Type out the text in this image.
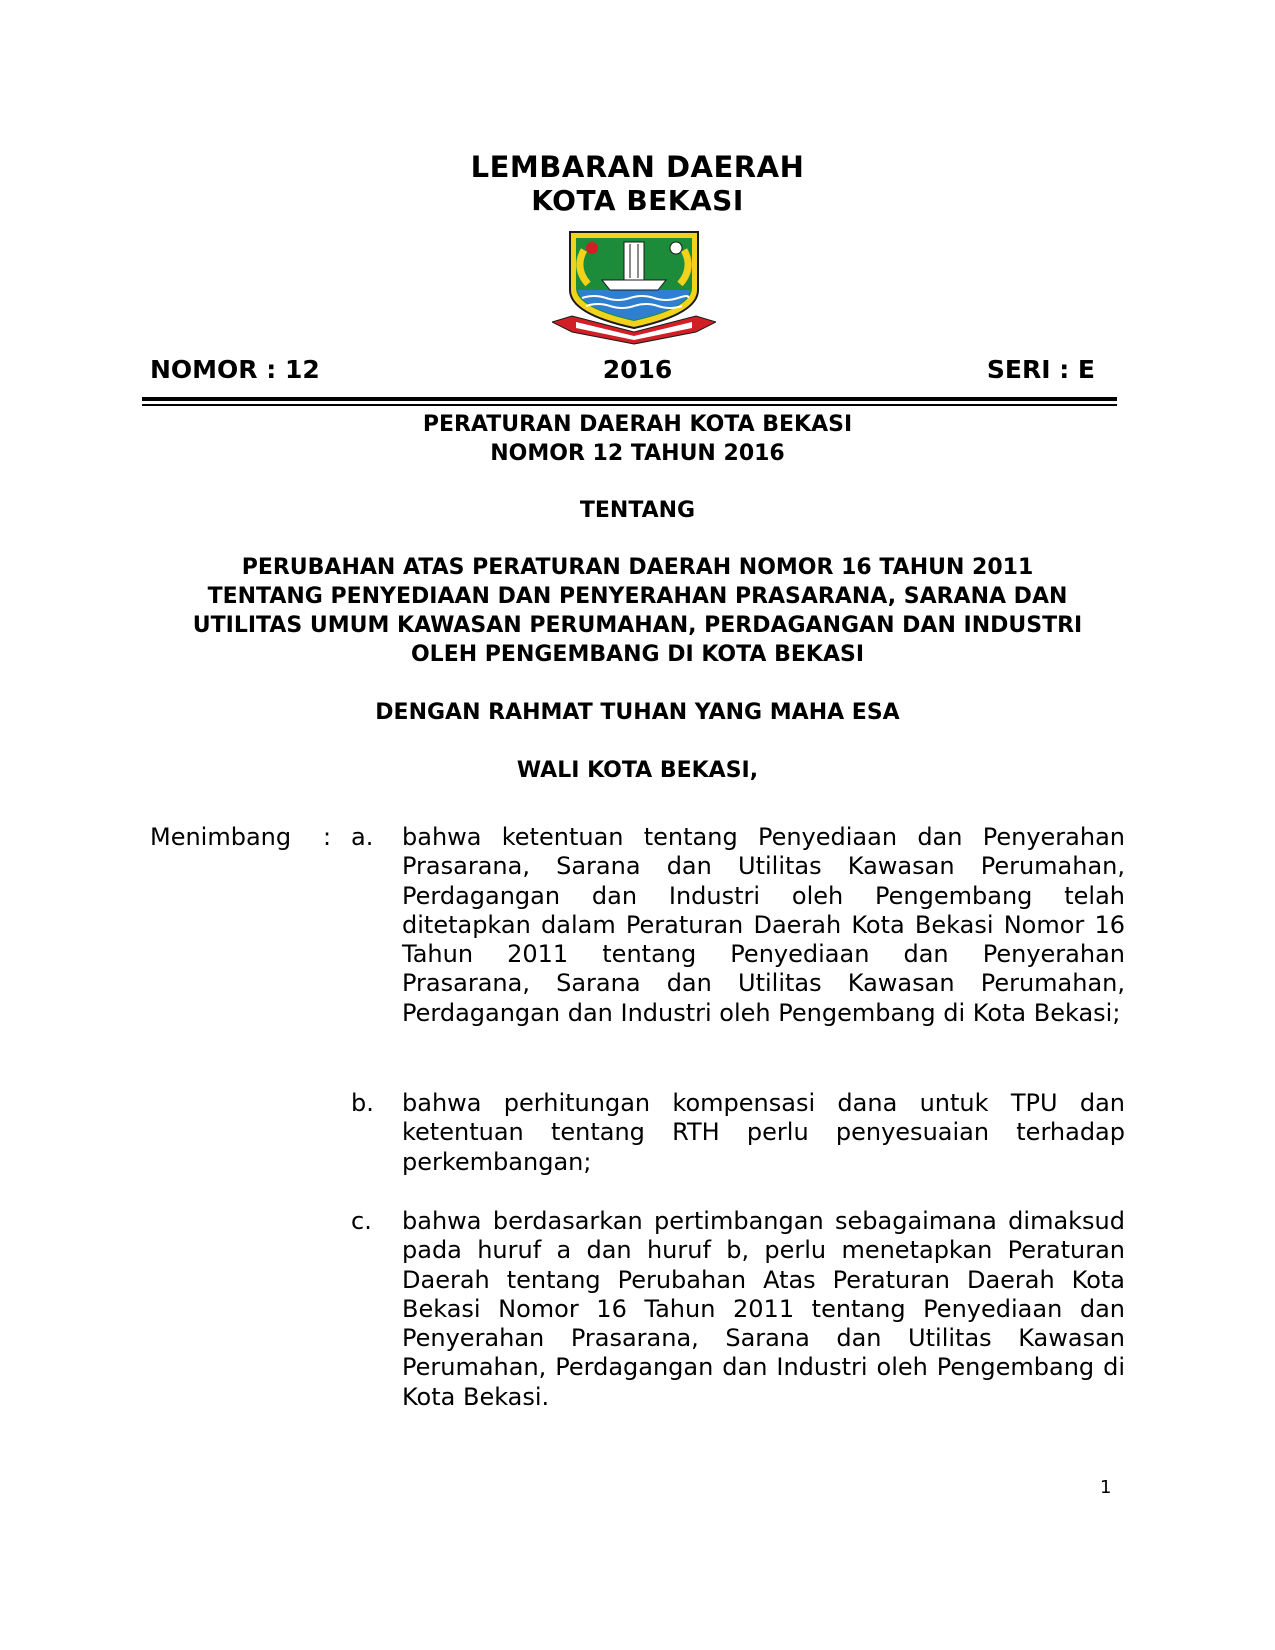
LEMBARAN DAERAH
KOTA BEKASI
NOMOR : 12	2016	SERI : E
PERATURAN DAERAH KOTA BEKASI
NOMOR 12 TAHUN 2016
TENTANG
PERUBAHAN ATAS PERATURAN DAERAH NOMOR 16 TAHUN 2011
TENTANG PENYEDIAAN DAN PENYERAHAN PRASARANA, SARANA DAN
UTILITAS UMUM KAWASAN PERUMAHAN, PERDAGANGAN DAN INDUSTRI
OLEH PENGEMBANG DI KOTA BEKASI
DENGAN RAHMAT TUHAN YANG MAHA ESA
WALI KOTA BEKASI,
Menimbang : a. bahwa ketentuan tentang Penyediaan dan Penyerahan Prasarana, Sarana dan Utilitas Kawasan Perumahan, Perdagangan dan Industri oleh Pengembang telah ditetapkan dalam Peraturan Daerah Kota Bekasi Nomor 16 Tahun 2011 tentang Penyediaan dan Penyerahan Prasarana, Sarana dan Utilitas Kawasan Perumahan, Perdagangan dan Industri oleh Pengembang di Kota Bekasi;
b. bahwa perhitungan kompensasi dana untuk TPU dan ketentuan tentang RTH perlu penyesuaian terhadap perkembangan;
c. bahwa berdasarkan pertimbangan sebagaimana dimaksud pada huruf a dan huruf b, perlu menetapkan Peraturan Daerah tentang Perubahan Atas Peraturan Daerah Kota Bekasi Nomor 16 Tahun 2011 tentang Penyediaan dan Penyerahan Prasarana, Sarana dan Utilitas Kawasan Perumahan, Perdagangan dan Industri oleh Pengembang di Kota Bekasi.
1
